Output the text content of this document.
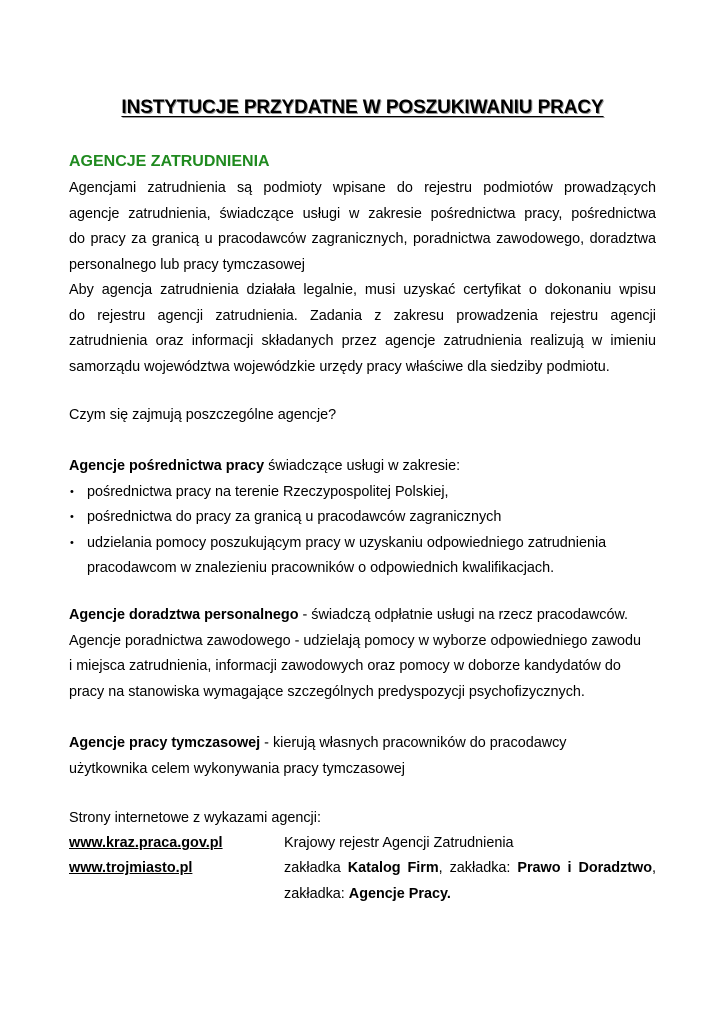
INSTYTUCJE PRZYDATNE W POSZUKIWANIU PRACY
AGENCJE ZATRUDNIENIA

Agencjami zatrudnienia są podmioty wpisane do rejestru podmiotów prowadzących

agencje zatrudnienia, świadczące usługi w zakresie pośrednictwa pracy, pośrednictwa

do pracy za granicą u pracodawców zagranicznych, poradnictwa zawodowego, doradztwa

personalnego lub pracy tymczasowej

Aby agencja zatrudnienia działała legalnie, musi uzyskać certyfikat o dokonaniu wpisu

do rejestru agencji zatrudnienia. Zadania z zakresu prowadzenia rejestru agencji

zatrudnienia oraz informacji składanych przez agencje zatrudnienia realizują w imieniu

samorządu województwa wojewódzkie urzędy pracy właściwe dla siedziby podmiotu.

Czym się zajmują poszczególne agencje?

Agencje pośrednictwa pracy świadczące usługi w zakresie:

• pośrednictwa pracy na terenie Rzeczypospolitej Polskiej,
• pośrednictwa do pracy za granicą u pracodawców zagranicznych
• udzielania pomocy poszukującym pracy w uzyskaniu odpowiedniego zatrudnienia
pracodawcom w znalezieniu pracowników o odpowiednich kwalifikacjach.

Agencje doradztwa personalnego - świadczą odpłatnie usługi na rzecz pracodawców.

Agencje poradnictwa zawodowego - udzielają pomocy w wyborze odpowiedniego zawodu

i miejsca zatrudnienia, informacji zawodowych oraz pomocy w doborze kandydatów do

pracy na stanowiska wymagające szczególnych predyspozycji psychofizycznych.

Agencje pracy tymczasowej - kierują własnych pracowników do pracodawcy

użytkownika celem wykonywania pracy tymczasowej

Strony internetowe z wykazami agencji:

www.kraz.praca.gov.pl	Krajowy rejestr Agencji Zatrudnienia
www.trojmiasto.pl	zakładka Katalog Firm, zakładka: Prawo i Doradztwo,
zakładka: Agencje Pracy.
